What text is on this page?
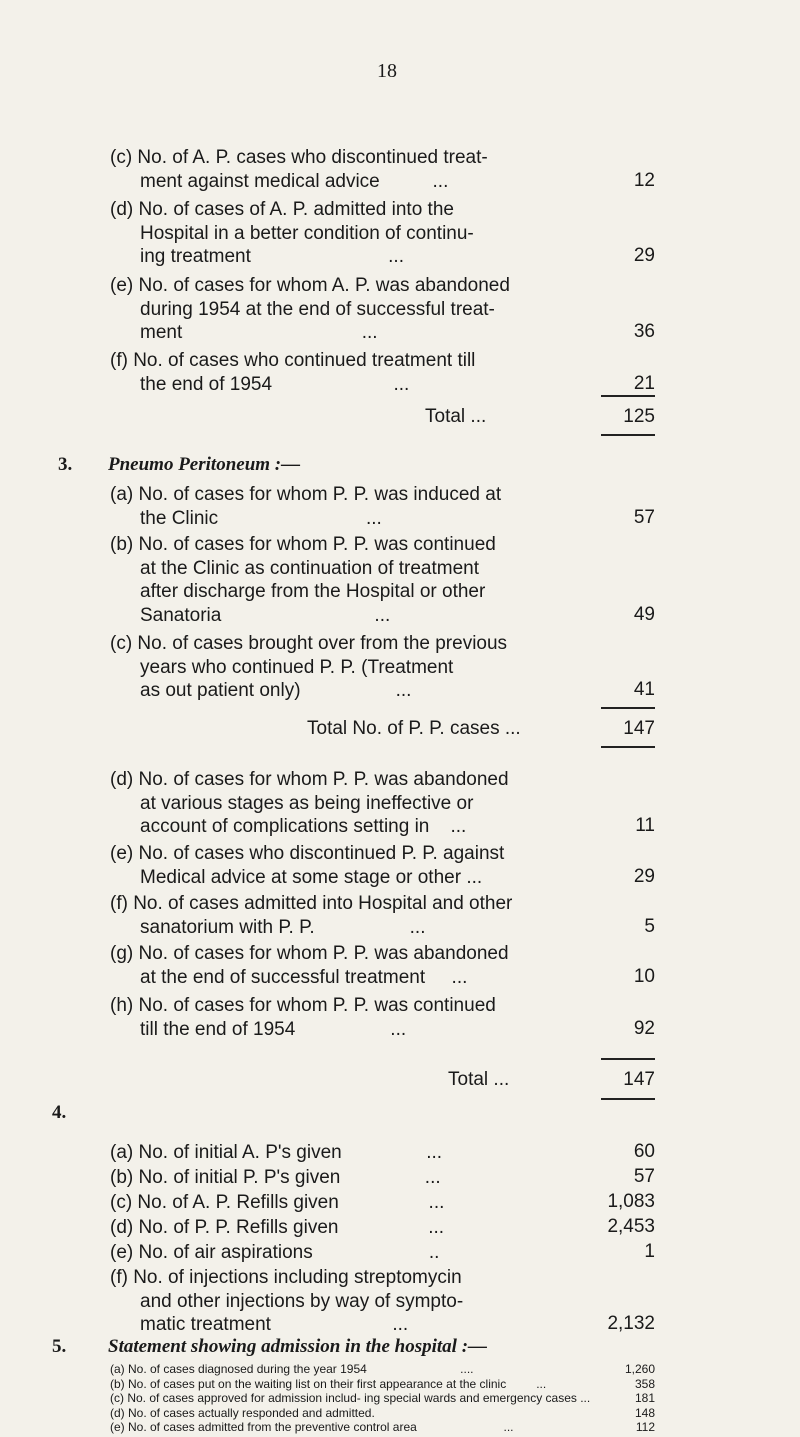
18
(c) No. of A. P. cases who discontinued treat-
ment against medical advice          ...	12
(d) No. of cases of A. P. admitted into the
Hospital in a better condition of continu-
ing treatment                          ...	29
(e) No. of cases for whom A. P. was abandoned
during 1954 at the end of successful treat-
ment                                  ...	36
(f) No. of cases who continued treatment till
the end of 1954                       ...	21
Total ...	125
3. Pneumo Peritoneum :—
(a) No. of cases for whom P. P. was induced at
the Clinic                            ...	57
(b) No. of cases for whom P. P. was continued
at the Clinic as continuation of treatment
after discharge from the Hospital or other
Sanatoria                             ...	49
(c) No. of cases brought over from the previous
years who continued P. P. (Treatment
as out patient only)                  ...	41
Total No. of P. P. cases ...	147
(d) No. of cases for whom P. P. was abandoned
at various stages as being ineffective or
account of complications setting in    ...	11
(e) No. of cases who discontinued P. P. against
Medical advice at some stage or other ...	29
(f) No. of cases admitted into Hospital and other
sanatorium with P. P.                  ...	5
(g) No. of cases for whom P. P. was abandoned
at the end of successful treatment     ...	10
(h) No. of cases for whom P. P. was continued
till the end of 1954                  ...	92
Total ...	147
4.
(a) No. of initial A. P's given                ...	60
(b) No. of initial P. P's given                ...	57
(c) No. of A. P. Refills given                 ...	1,083
(d) No. of P. P. Refills given                 ...	2,453
(e) No. of air aspirations                      ..	1
(f) No. of injections including streptomycin
and other injections by way of sympto-
matic treatment                       ...	2,132
5. Statement showing admission in the hospital :—
(a) No. of cases diagnosed during the year 1954                            ....	1,260
(b) No. of cases put on the waiting list on their first appearance at the clinic         ...	358
(c) No. of cases approved for admission includ- ing special wards and emergency cases ...	181
(d) No. of cases actually responded and admitted.	148
(e) No. of cases admitted from the preventive control area                          ...	112
